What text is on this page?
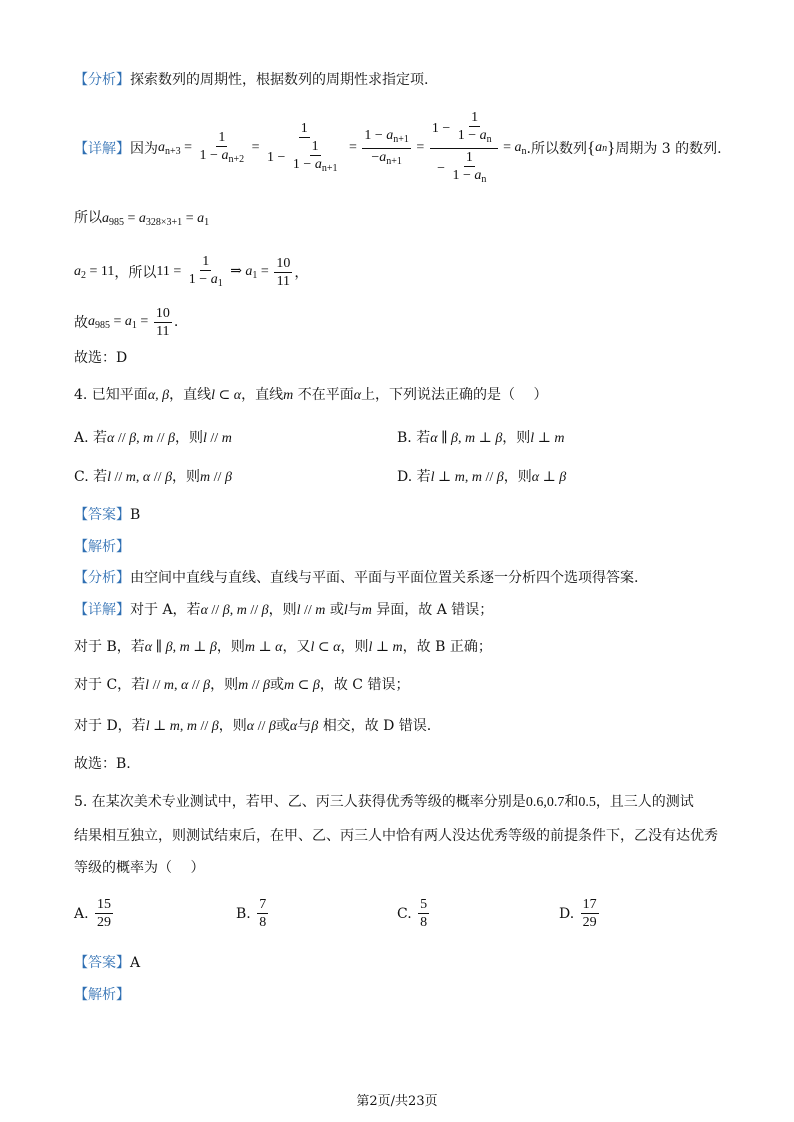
【分析】探索数列的周期性，根据数列的周期性求指定项.
【详解】 因为 $a_{n+3} = \frac{1}{1 - a_{n+2}} = \frac{1}{1 - \frac{1}{1 - a_{n+1}}} = \frac{1 - a_{n+1}}{-a_{n+1}} = \frac{1 - \frac{1}{1 - a_n}}{- \frac{1}{1 - a_n}} = a_n$ .所以数列 { a n } 周期为 3 的数列.
所以$a_{985} = a_{328\times 3+1} = a_1$
$a_2 = 11$ ，所以 $11 = \frac{1}{1 - a_1}$ ⇒ $a_1 = \frac{10}{11}$ ，
故 $a_{985} = a_1 = \frac{10}{11}$ .
故选：D
4. 已知平面α, β，直线l ⊂ α，直线m 不在平面α上，下列说法正确的是（　 ）
A. 若α // β, m // β，则l // m	B. 若α ∥ β, m ⊥ β，则l ⊥ m
C. 若l // m, α // β，则m // β	D. 若l ⊥ m, m // β，则α ⊥ β
【答案】B
【解析】
【分析】由空间中直线与直线、直线与平面、平面与平面位置关系逐一分析四个选项得答案.
【详解】对于 A，若α // β, m // β，则l // m 或l与m 异面，故 A 错误；
对于 B，若α ∥ β, m ⊥ β，则m ⊥ α，又l ⊂ α，则l ⊥ m，故 B 正确；
对于 C，若l // m, α // β，则m // β或m ⊂ β，故 C 错误；
对于 D，若l ⊥ m, m // β，则α // β或α与β 相交，故 D 错误.
故选：B.
5. 在某次美术专业测试中，若甲、乙、丙三人获得优秀等级的概率分别是0.6,0.7和0.5，且三人的测试
结果相互独立，则测试结束后，在甲、乙、丙三人中恰有两人没达优秀等级的前提条件下，乙没有达优秀
等级的概率为（　 ）
A.
$\frac{15}{29}$	B.
$\frac{7}{8}$	C.
$\frac{5}{8}$	D.
$\frac{17}{29}$
【答案】A
【解析】
第2页/共23页
